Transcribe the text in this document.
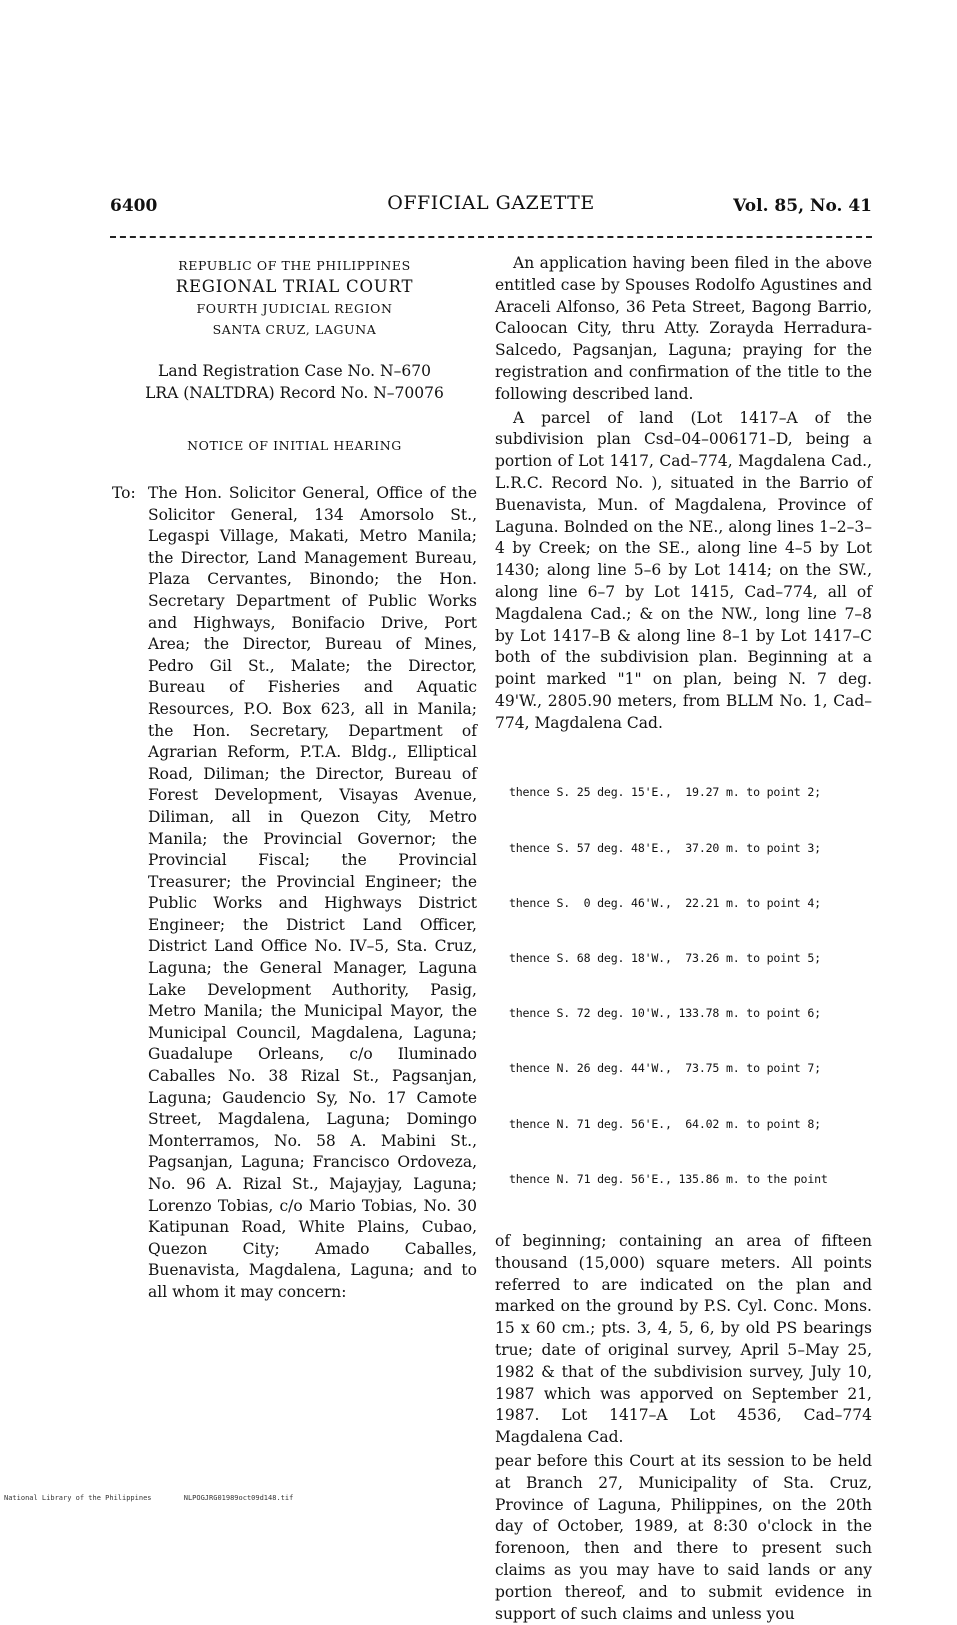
6400	OFFICIAL GAZETTE	Vol. 85, No. 41
REPUBLIC OF THE PHILIPPINES
REGIONAL TRIAL COURT
FOURTH JUDICIAL REGION
SANTA CRUZ, LAGUNA
Land Registration Case No. N–670
LRA (NALTDRA) Record No. N–70076
NOTICE OF INITIAL HEARING
To: The Hon. Solicitor General, Office of the Solicitor General, 134 Amorsolo St., Legaspi Village, Makati, Metro Manila; the Director, Land Management Bureau, Plaza Cervantes, Binondo; the Hon. Secretary Department of Public Works and Highways, Bonifacio Drive, Port Area; the Director, Bureau of Mines, Pedro Gil St., Malate; the Director, Bureau of Fisheries and Aquatic Resources, P.O. Box 623, all in Manila; the Hon. Secretary, Department of Agrarian Reform, P.T.A. Bldg., Elliptical Road, Diliman; the Director, Bureau of Forest Development, Visayas Avenue, Diliman, all in Quezon City, Metro Manila; the Provincial Governor; the Provincial Fiscal; the Provincial Treasurer; the Provincial Engineer; the Public Works and Highways District Engineer; the District Land Officer, District Land Office No. IV–5, Sta. Cruz, Laguna; the General Manager, Laguna Lake Development Authority, Pasig, Metro Manila; the Municipal Mayor, the Municipal Council, Magdalena, Laguna; Guadalupe Orleans, c/o Iluminado Caballes No. 38 Rizal St., Pagsanjan, Laguna; Gaudencio Sy, No. 17 Camote Street, Magdalena, Laguna; Domingo Monterramos, No. 58 A. Mabini St., Pagsanjan, Laguna; Francisco Ordoveza, No. 96 A. Rizal St., Majayjay, Laguna; Lorenzo Tobias, c/o Mario Tobias, No. 30 Katipunan Road, White Plains, Cubao, Quezon City; Amado Caballes, Buenavista, Magdalena, Laguna; and to all whom it may concern:

An application having been filed in the above entitled case by Spouses Rodolfo Agustines and Araceli Alfonso, 36 Peta Street, Bagong Barrio, Caloocan City, thru Atty. Zorayda Herradura-Salcedo, Pagsanjan, Laguna; praying for the registration and confirmation of the title to the following described land.

A parcel of land (Lot 1417–A of the subdivision plan Csd–04–006171–D, being a portion of Lot 1417, Cad–774, Magdalena Cad., L.R.C. Record No. ), situated in the Barrio of Buenavista, Mun. of Magdalena, Province of Laguna. Bolnded on the NE., along lines 1–2–3–4 by Creek; on the SE., along line 4–5 by Lot 1430; along line 5–6 by Lot 1414; on the SW., along line 6–7 by Lot 1415, Cad–774, all of Magdalena Cad.; & on the NW., long line 7–8 by Lot 1417–B & along line 8–1 by Lot 1417–C both of the subdivision plan. Beginning at a point marked "1" on plan, being N. 7 deg. 49'W., 2805.90 meters, from BLLM No. 1, Cad–774, Magdalena Cad.

thence S. 25 deg. 15'E.,  19.27 m. to point 2;

thence S. 57 deg. 48'E.,  37.20 m. to point 3;

thence S.  0 deg. 46'W.,  22.21 m. to point 4;

thence S. 68 deg. 18'W.,  73.26 m. to point 5;

thence S. 72 deg. 10'W., 133.78 m. to point 6;

thence N. 26 deg. 44'W.,  73.75 m. to point 7;

thence N. 71 deg. 56'E.,  64.02 m. to point 8;

thence N. 71 deg. 56'E., 135.86 m. to the point

of beginning; containing an area of fifteen thousand (15,000) square meters. All points referred to are indicated on the plan and marked on the ground by P.S. Cyl. Conc. Mons. 15 x 60 cm.; pts. 3, 4, 5, 6, by old PS bearings true; date of original survey, April 5–May 25, 1982 & that of the subdivision survey, July 10, 1987 which was apporved on September 21, 1987. Lot 1417–A Lot 4536, Cad–774 Magdalena Cad.

pear before this Court at its session to be held at Branch 27, Municipality of Sta. Cruz, Province of Laguna, Philippines, on the 20th day of October, 1989, at 8:30 o'clock in the forenoon, then and there to present such claims as you may have to said lands or any portion thereof, and to submit evidence in support of such claims and unless you

National Library of the Philippines	NLPOGJRG01989oct09d148.tif
